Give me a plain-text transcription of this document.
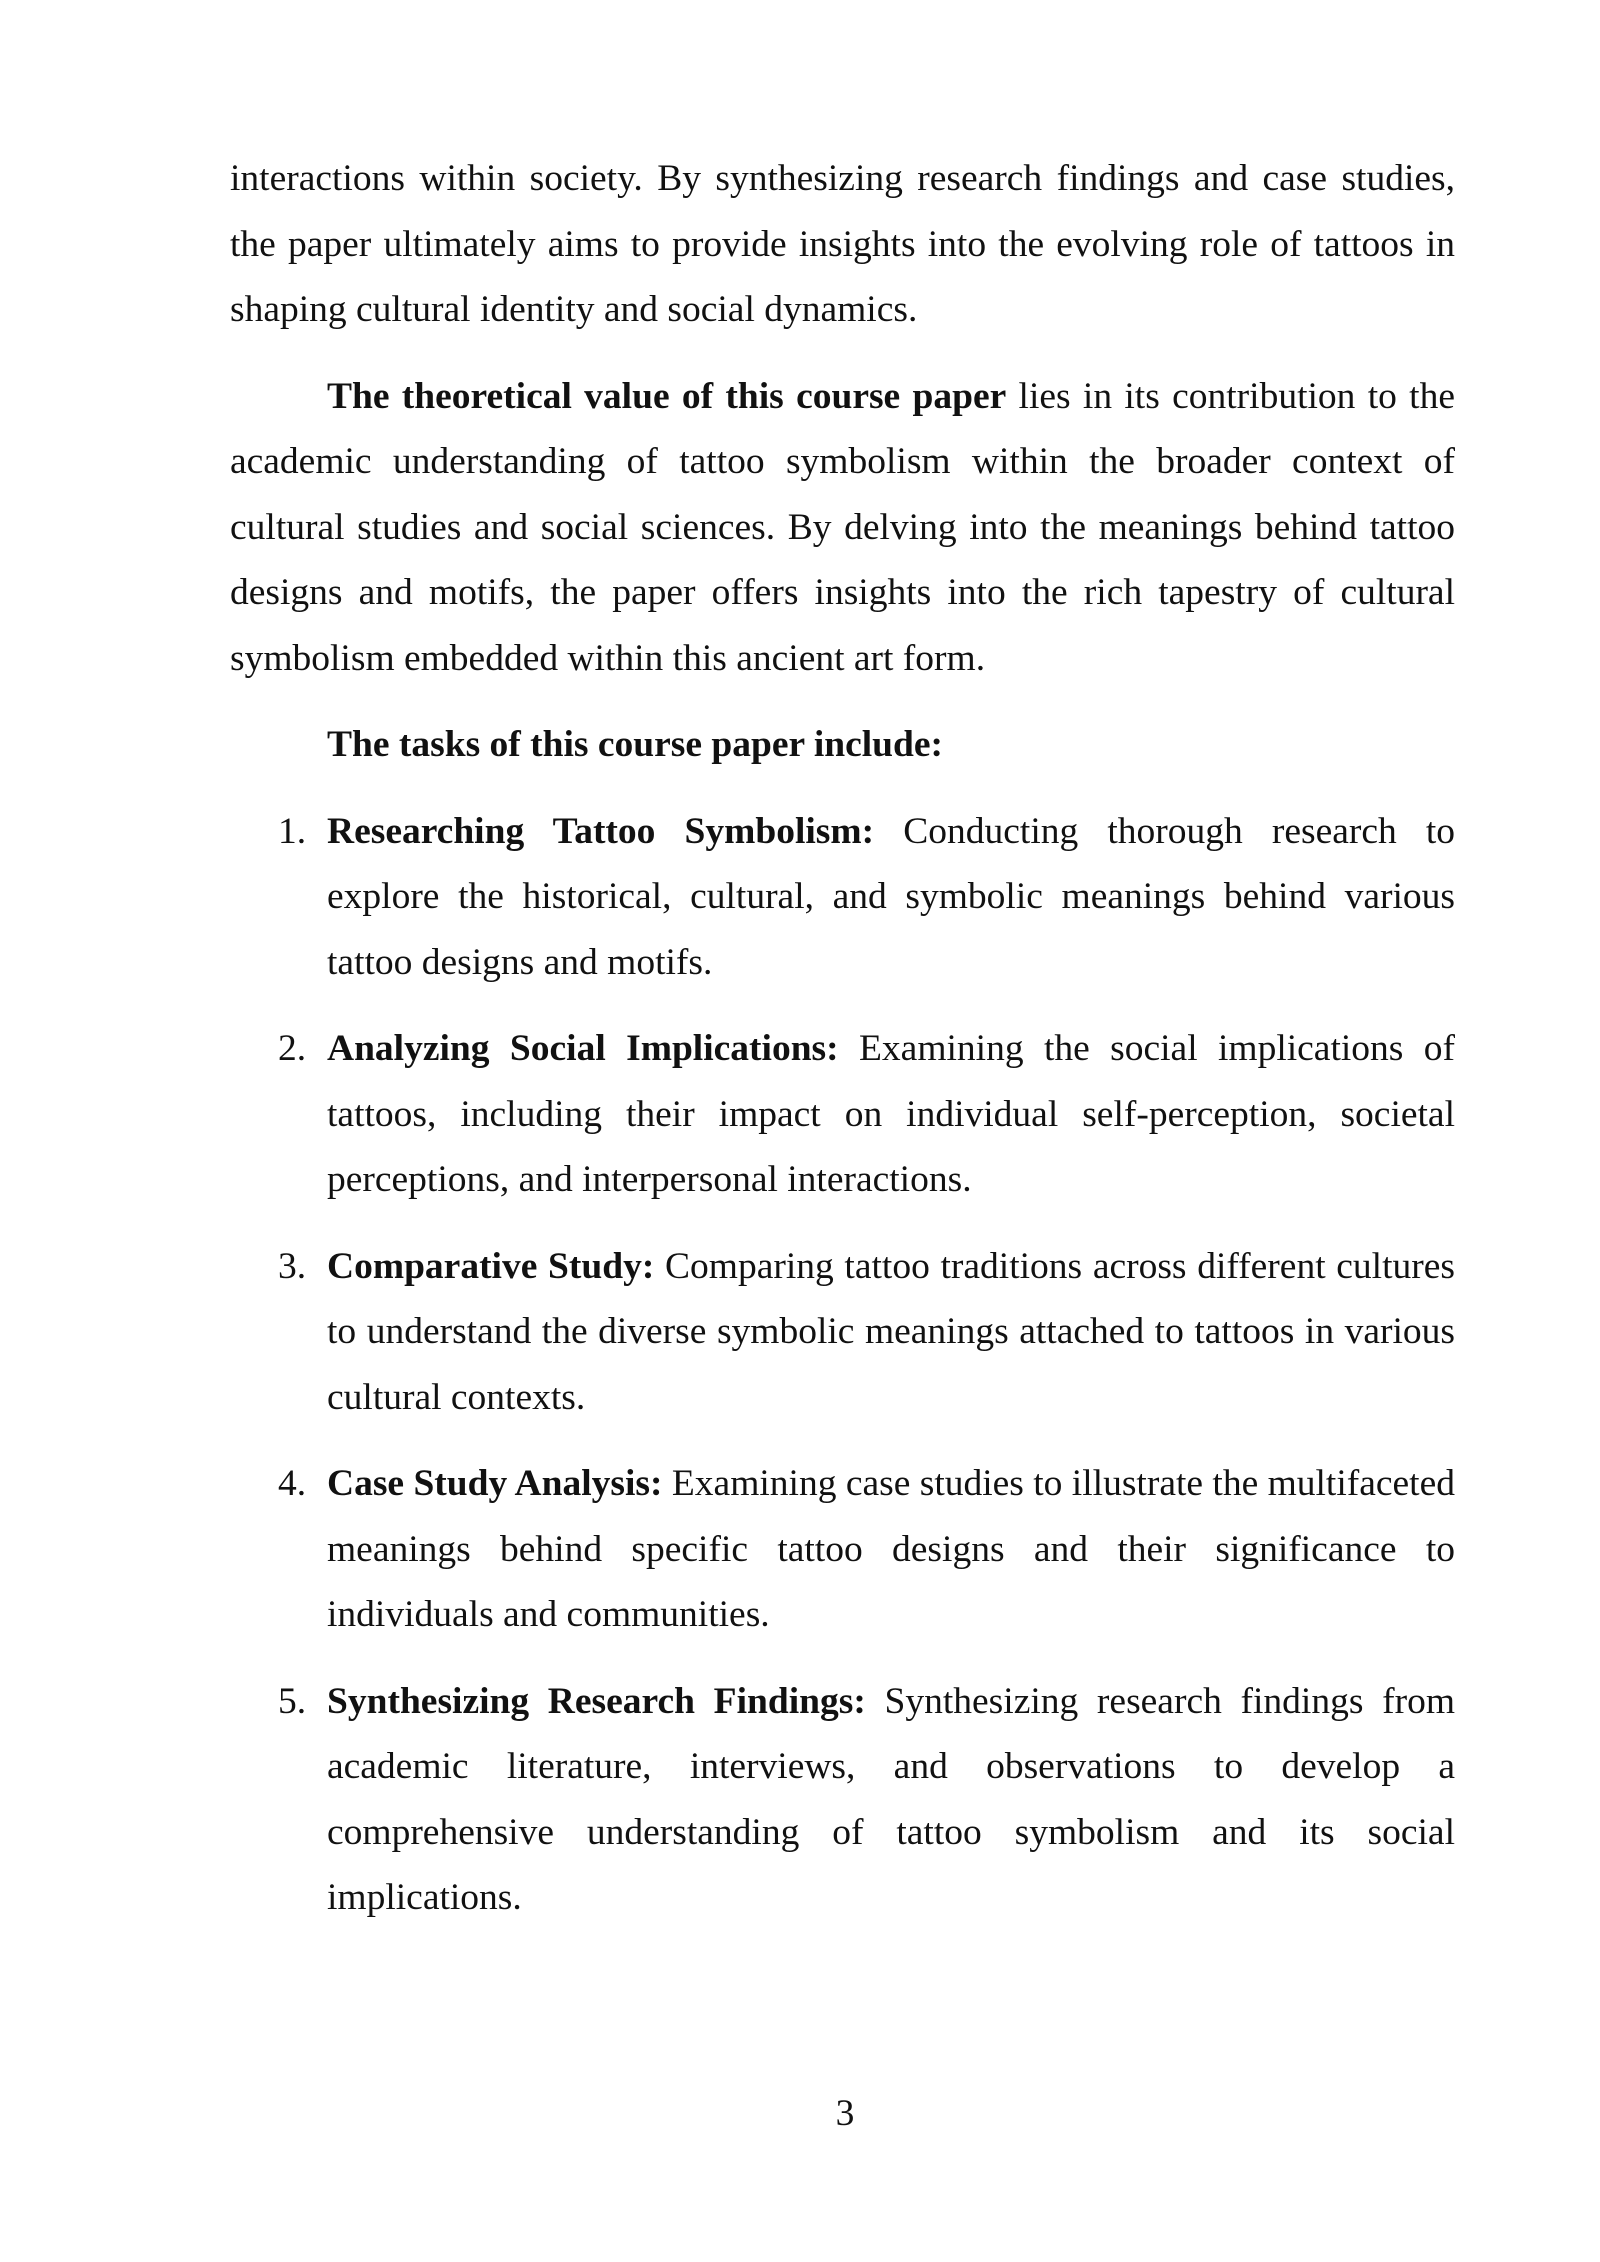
interactions within society. By synthesizing research findings and case studies, the paper ultimately aims to provide insights into the evolving role of tattoos in shaping cultural identity and social dynamics.

The theoretical value of this course paper lies in its contribution to the academic understanding of tattoo symbolism within the broader context of cultural studies and social sciences. By delving into the meanings behind tattoo designs and motifs, the paper offers insights into the rich tapestry of cultural symbolism embedded within this ancient art form.

The tasks of this course paper include:

1. Researching Tattoo Symbolism: Conducting thorough research to explore the historical, cultural, and symbolic meanings behind various tattoo designs and motifs.
2. Analyzing Social Implications: Examining the social implications of tattoos, including their impact on individual self-perception, societal perceptions, and interpersonal interactions.
3. Comparative Study: Comparing tattoo traditions across different cultures to understand the diverse symbolic meanings attached to tattoos in various cultural contexts.
4. Case Study Analysis: Examining case studies to illustrate the multifaceted meanings behind specific tattoo designs and their significance to individuals and communities.
5. Synthesizing Research Findings: Synthesizing research findings from academic literature, interviews, and observations to develop a comprehensive understanding of tattoo symbolism and its social implications.
3
